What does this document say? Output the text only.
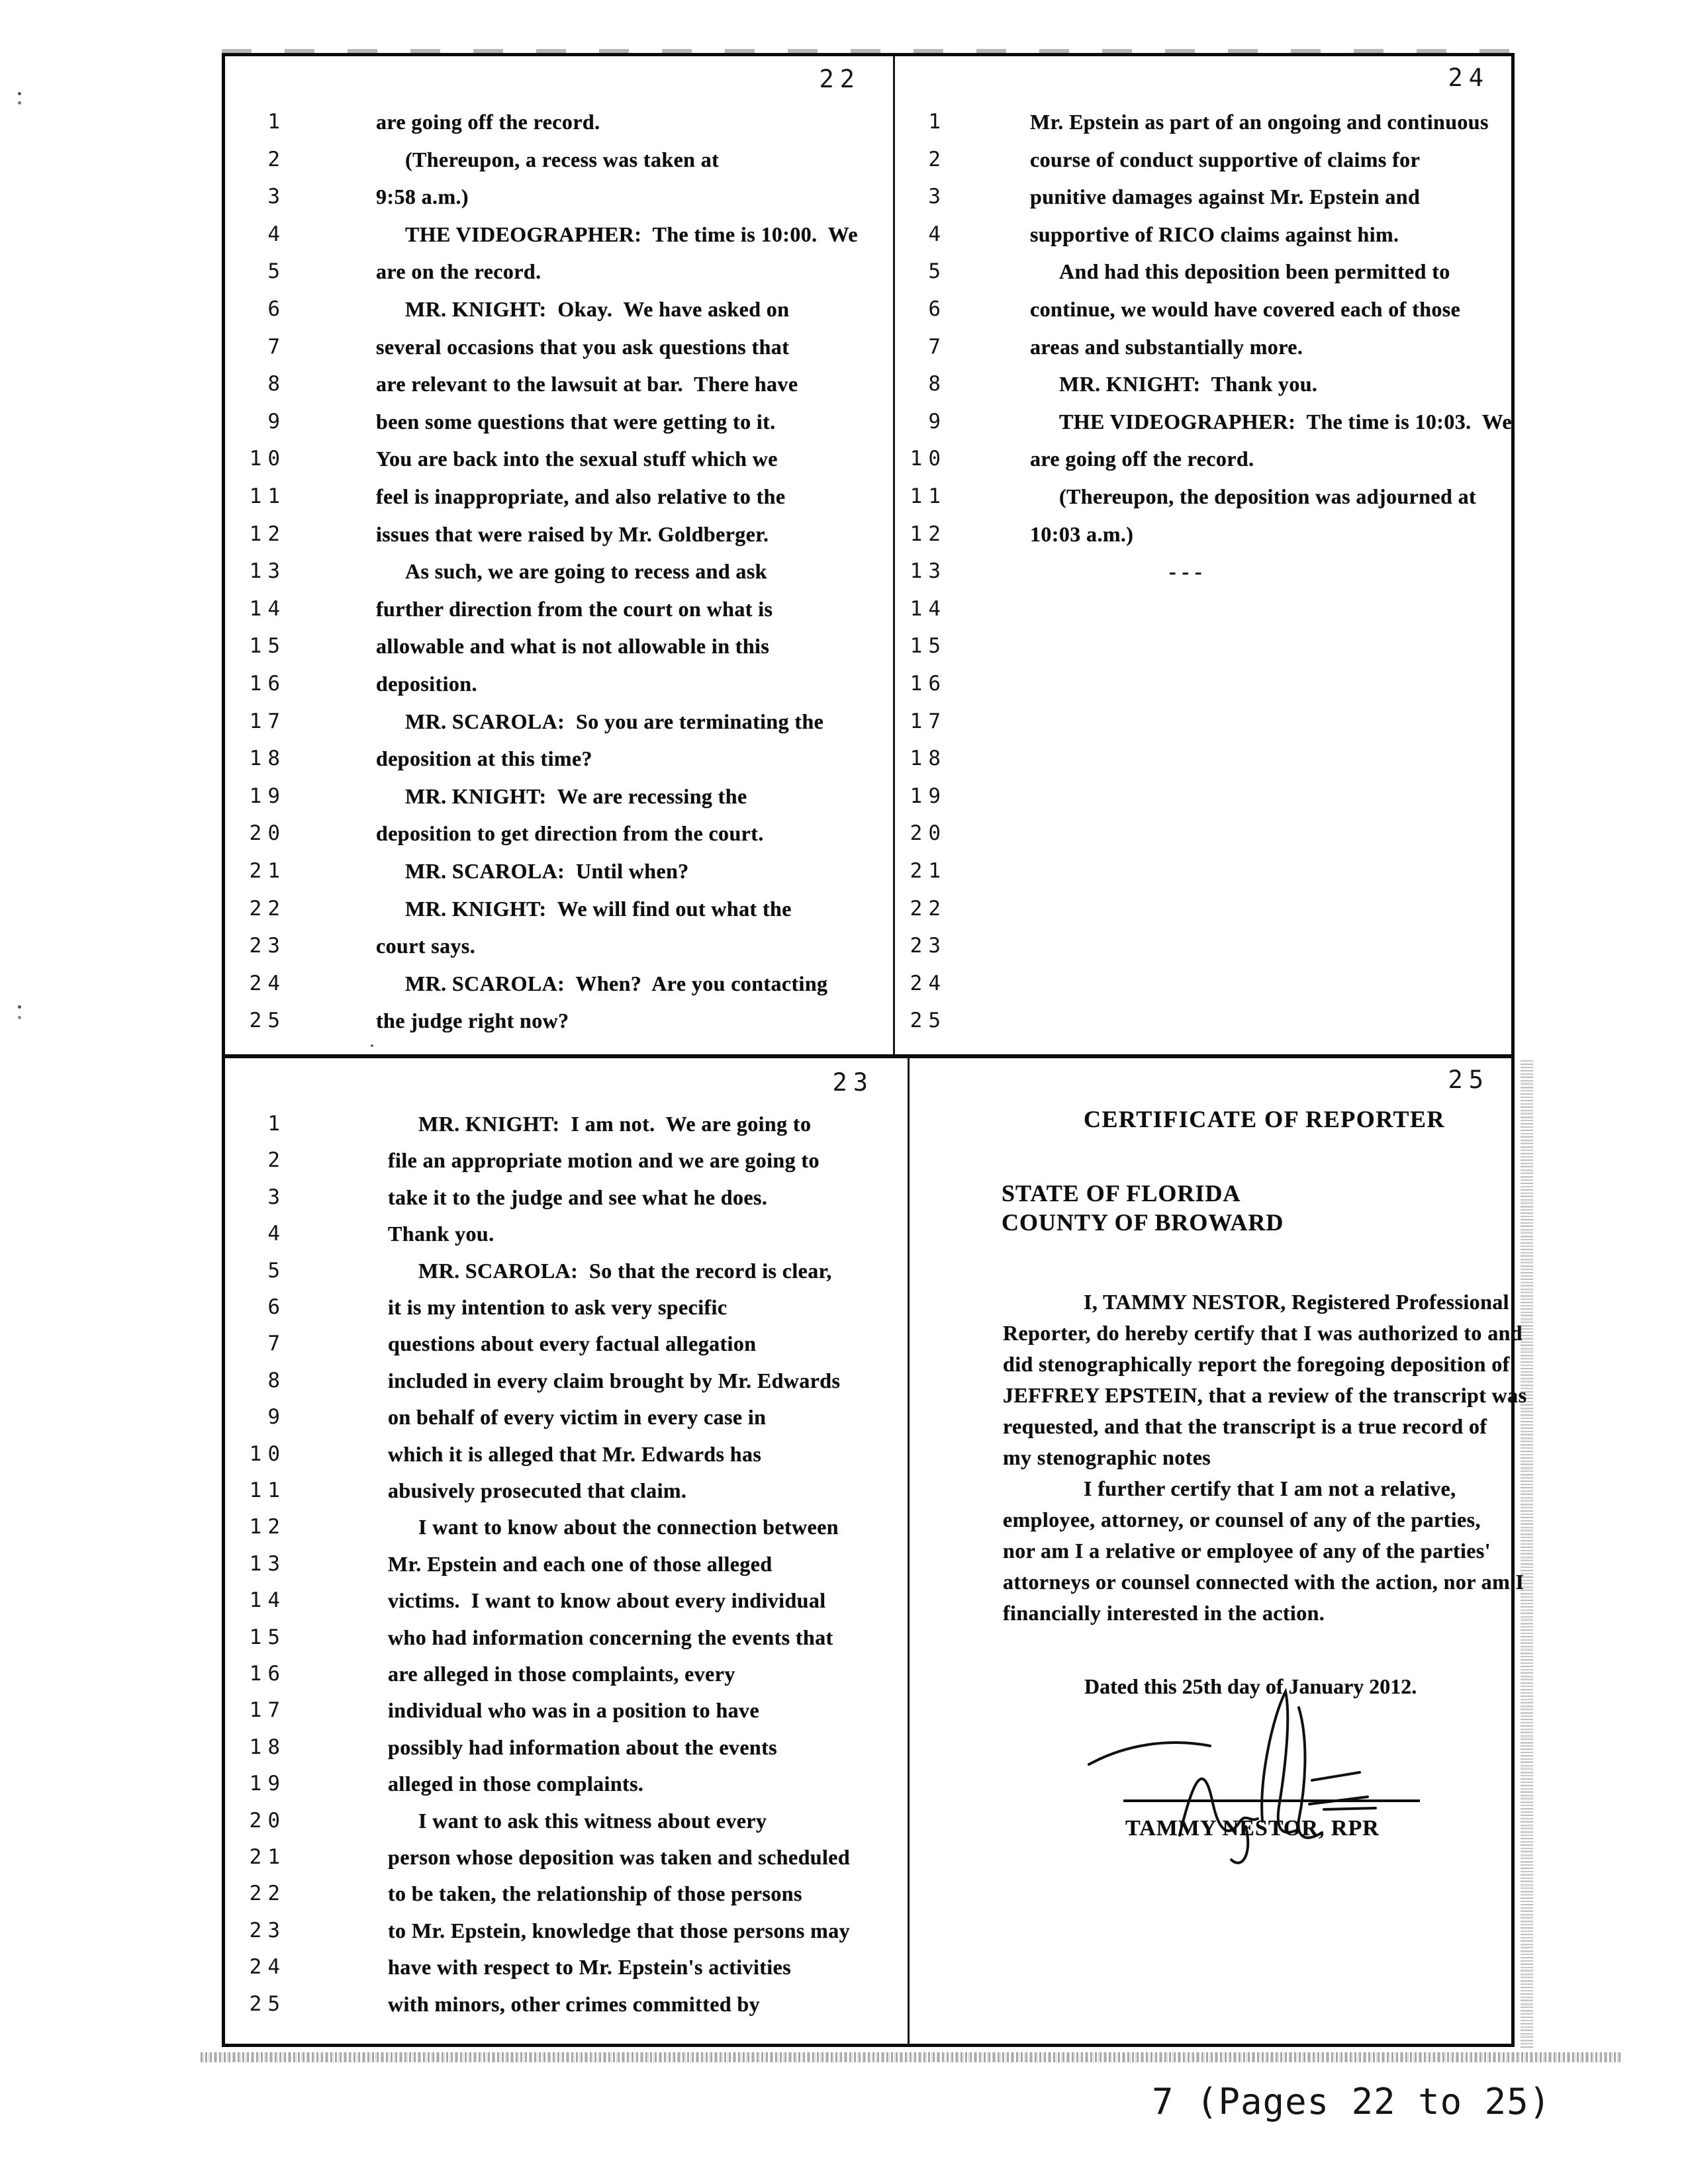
22	24
23	25
1	are going off the record.
2	(Thereupon, a recess was taken at
3	9:58 a.m.)
4	THE VIDEOGRAPHER:  The time is 10:00.  We
5	are on the record.
6	MR. KNIGHT:  Okay.  We have asked on
7	several occasions that you ask questions that
8	are relevant to the lawsuit at bar.  There have
9	been some questions that were getting to it.
10	You are back into the sexual stuff which we
11	feel is inappropriate, and also relative to the
12	issues that were raised by Mr. Goldberger.
13	As such, we are going to recess and ask
14	further direction from the court on what is
15	allowable and what is not allowable in this
16	deposition.
17	MR. SCAROLA:  So you are terminating the
18	deposition at this time?
19	MR. KNIGHT:  We are recessing the
20	deposition to get direction from the court.
21	MR. SCAROLA:  Until when?
22	MR. KNIGHT:  We will find out what the
23	court says.
24	MR. SCAROLA:  When?  Are you contacting
25	the judge right now?
1	Mr. Epstein as part of an ongoing and continuous
2	course of conduct supportive of claims for
3	punitive damages against Mr. Epstein and
4	supportive of RICO claims against him.
5	And had this deposition been permitted to
6	continue, we would have covered each of those
7	areas and substantially more.
8	MR. KNIGHT:  Thank you.
9	THE VIDEOGRAPHER:  The time is 10:03.  We
10	are going off the record.
11	(Thereupon, the deposition was adjourned at
12	10:03 a.m.)
13	- - -
14
15
16
17
18
19
20
21
22
23
24
25
1	MR. KNIGHT:  I am not.  We are going to
2	file an appropriate motion and we are going to
3	take it to the judge and see what he does.
4	Thank you.
5	MR. SCAROLA:  So that the record is clear,
6	it is my intention to ask very specific
7	questions about every factual allegation
8	included in every claim brought by Mr. Edwards
9	on behalf of every victim in every case in
10	which it is alleged that Mr. Edwards has
11	abusively prosecuted that claim.
12	I want to know about the connection between
13	Mr. Epstein and each one of those alleged
14	victims.  I want to know about every individual
15	who had information concerning the events that
16	are alleged in those complaints, every
17	individual who was in a position to have
18	possibly had information about the events
19	alleged in those complaints.
20	I want to ask this witness about every
21	person whose deposition was taken and scheduled
22	to be taken, the relationship of those persons
23	to Mr. Epstein, knowledge that those persons may
24	have with respect to Mr. Epstein's activities
25	with minors, other crimes committed by
CERTIFICATE OF REPORTER
STATE OF FLORIDA
COUNTY OF BROWARD
I, TAMMY NESTOR, Registered Professional
Reporter, do hereby certify that I was authorized to and
did stenographically report the foregoing deposition of
JEFFREY EPSTEIN, that a review of the transcript was
requested, and that the transcript is a true record of
my stenographic notes
I further certify that I am not a relative,
employee, attorney, or counsel of any of the parties,
nor am I a relative or employee of any of the parties'
attorneys or counsel connected with the action, nor am I
financially interested in the action.
Dated this 25th day of January 2012.
TAMMY NESTOR, RPR
7 (Pages 22 to 25)
